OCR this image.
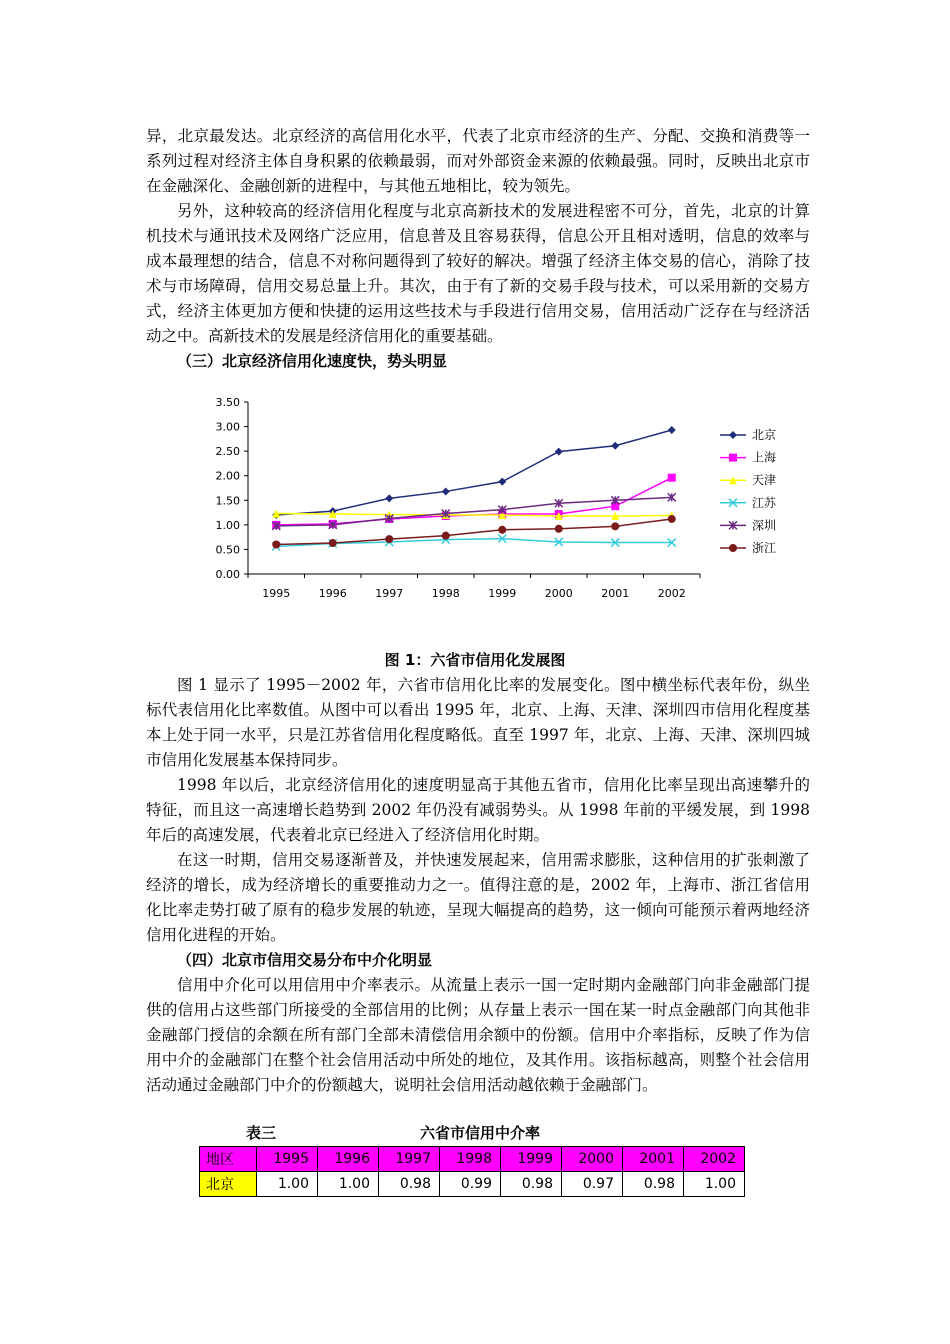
异，北京最发达。北京经济的高信用化水平，代表了北京市经济的生产、分配、交换和消费等一系列过程对经济主体自身积累的依赖最弱，而对外部资金来源的依赖最强。同时，反映出北京市在金融深化、金融创新的进程中，与其他五地相比，较为领先。

另外，这种较高的经济信用化程度与北京高新技术的发展进程密不可分，首先，北京的计算机技术与通讯技术及网络广泛应用，信息普及且容易获得，信息公开且相对透明，信息的效率与成本最理想的结合，信息不对称问题得到了较好的解决。增强了经济主体交易的信心，消除了技术与市场障碍，信用交易总量上升。其次，由于有了新的交易手段与技术，可以采用新的交易方式，经济主体更加方便和快捷的运用这些技术与手段进行信用交易，信用活动广泛存在与经济活动之中。高新技术的发展是经济信用化的重要基础。

（三）北京经济信用化速度快，势头明显

0.00
0.50
1.00
1.50
2.00
2.50
3.00
3.50
1995	1996	1997	1998	1999	2000	2001	2002
北京
上海
天津
江苏
深圳
浙江
图 1：六省市信用化发展图

图 1 显示了 1995－2002 年，六省市信用化比率的发展变化。图中横坐标代表年份，纵坐标代表信用化比率数值。从图中可以看出 1995 年，北京、上海、天津、深圳四市信用化程度基本上处于同一水平，只是江苏省信用化程度略低。直至 1997 年，北京、上海、天津、深圳四城市信用化发展基本保持同步。

1998 年以后，北京经济信用化的速度明显高于其他五省市，信用化比率呈现出高速攀升的特征，而且这一高速增长趋势到 2002 年仍没有减弱势头。从 1998 年前的平缓发展，到 1998 年后的高速发展，代表着北京已经进入了经济信用化时期。

在这一时期，信用交易逐渐普及，并快速发展起来，信用需求膨胀，这种信用的扩张刺激了经济的增长，成为经济增长的重要推动力之一。值得注意的是，2002 年，上海市、浙江省信用化比率走势打破了原有的稳步发展的轨迹，呈现大幅提高的趋势，这一倾向可能预示着两地经济信用化进程的开始。

（四）北京市信用交易分布中介化明显

信用中介化可以用信用中介率表示。从流量上表示一国一定时期内金融部门向非金融部门提供的信用占这些部门所接受的全部信用的比例；从存量上表示一国在某一时点金融部门向其他非金融部门授信的余额在所有部门全部未清偿信用余额中的份额。信用中介率指标，反映了作为信用中介的金融部门在整个社会信用活动中所处的地位，及其作用。该指标越高，则整个社会信用活动通过金融部门中介的份额越大，说明社会信用活动越依赖于金融部门。

表三	六省市信用中介率
地区	1995	1996	1997	1998	1999	2000	2001	2002
北京	1.00	1.00	0.98	0.99	0.98	0.97	0.98	1.00
